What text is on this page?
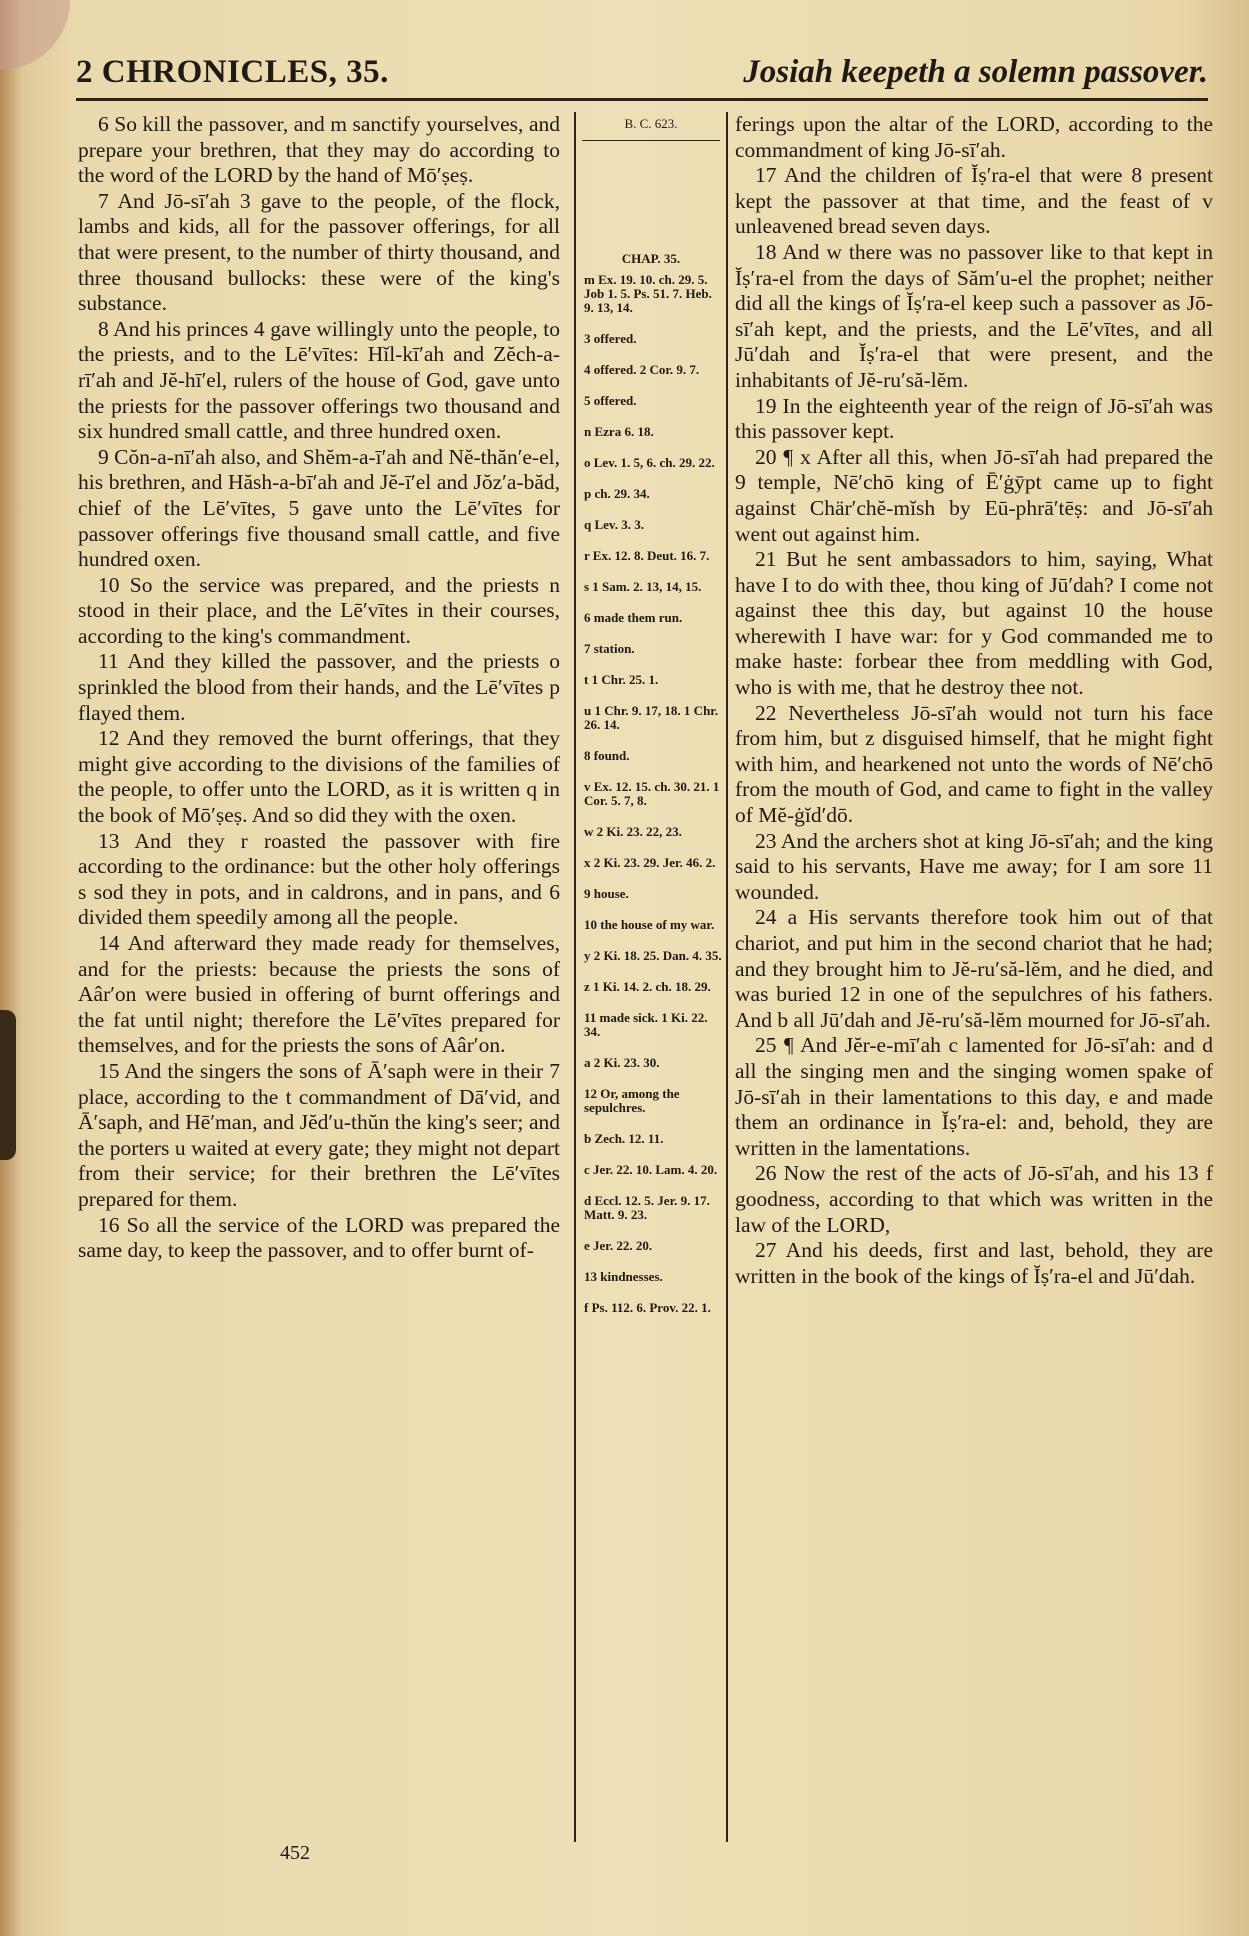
2 CHRONICLES, 35.	Josiah keepeth a solemn passover.

6 So kill the passover, and m sanctify yourselves, and prepare your brethren, that they may do according to the word of the LORD by the hand of Mō′ṣeṣ.

7 And Jō-sī′ah 3 gave to the people, of the flock, lambs and kids, all for the passover offerings, for all that were present, to the number of thirty thousand, and three thousand bullocks: these were of the king's substance.

8 And his princes 4 gave willingly unto the people, to the priests, and to the Lē′vītes: Hĭl-kī′ah and Zĕch-a-rī′ah and Jĕ-hī′el, rulers of the house of God, gave unto the priests for the passover offerings two thousand and six hundred small cattle, and three hundred oxen.

9 Cŏn-a-nī′ah also, and Shĕm-a-ī′ah and Nĕ-thăn′e-el, his brethren, and Hăsh-a-bī′ah and Jĕ-ī′el and Jŏz′a-băd, chief of the Lē′vītes, 5 gave unto the Lē′vītes for passover offerings five thousand small cattle, and five hundred oxen.

10 So the service was prepared, and the priests n stood in their place, and the Lē′vītes in their courses, according to the king's commandment.

11 And they killed the passover, and the priests o sprinkled the blood from their hands, and the Lē′vītes p flayed them.

12 And they removed the burnt offerings, that they might give according to the divisions of the families of the people, to offer unto the LORD, as it is written q in the book of Mō′ṣeṣ. And so did they with the oxen.

13 And they r roasted the passover with fire according to the ordinance: but the other holy offerings s sod they in pots, and in caldrons, and in pans, and 6 divided them speedily among all the people.

14 And afterward they made ready for themselves, and for the priests: because the priests the sons of Aâr′on were busied in offering of burnt offerings and the fat until night; therefore the Lē′vītes prepared for themselves, and for the priests the sons of Aâr′on.

15 And the singers the sons of Ā′saph were in their 7 place, according to the t commandment of Dā′vid, and Ā′saph, and Hē′man, and Jĕd′u-thŭn the king's seer; and the porters u waited at every gate; they might not depart from their service; for their brethren the Lē′vītes prepared for them.

16 So all the service of the LORD was prepared the same day, to keep the passover, and to offer burnt of-

B. C. 623.
CHAP. 35.
m Ex. 19. 10. ch. 29. 5. Job 1. 5. Ps. 51. 7. Heb. 9. 13, 14.
3 offered.
4 offered. 2 Cor. 9. 7.
5 offered.
n Ezra 6. 18.
o Lev. 1. 5, 6. ch. 29. 22.
p ch. 29. 34.
q Lev. 3. 3.
r Ex. 12. 8. Deut. 16. 7.
s 1 Sam. 2. 13, 14, 15.
6 made them run.
7 station.
t 1 Chr. 25. 1.
u 1 Chr. 9. 17, 18. 1 Chr. 26. 14.
8 found.
v Ex. 12. 15. ch. 30. 21. 1 Cor. 5. 7, 8.
w 2 Ki. 23. 22, 23.
x 2 Ki. 23. 29. Jer. 46. 2.
9 house.
10 the house of my war.
y 2 Ki. 18. 25. Dan. 4. 35.
z 1 Ki. 14. 2. ch. 18. 29.
11 made sick. 1 Ki. 22. 34.
a 2 Ki. 23. 30.
12 Or, among the sepulchres.
b Zech. 12. 11.
c Jer. 22. 10. Lam. 4. 20.
d Eccl. 12. 5. Jer. 9. 17. Matt. 9. 23.
e Jer. 22. 20.
13 kindnesses.
f Ps. 112. 6. Prov. 22. 1.

ferings upon the altar of the LORD, according to the commandment of king Jō-sī′ah.

17 And the children of Ĭṣ′ra-el that were 8 present kept the passover at that time, and the feast of v unleavened bread seven days.

18 And w there was no passover like to that kept in Ĭṣ′ra-el from the days of Săm′u-el the prophet; neither did all the kings of Ĭṣ′ra-el keep such a passover as Jō-sī′ah kept, and the priests, and the Lē′vītes, and all Jū′dah and Ĭṣ′ra-el that were present, and the inhabitants of Jĕ-ru′să-lĕm.

19 In the eighteenth year of the reign of Jō-sī′ah was this passover kept.

20 ¶ x After all this, when Jō-sī′ah had prepared the 9 temple, Nē′chō king of Ē′ġȳpt came up to fight against Chär′chĕ-mĭsh by Eū-phrā′tēṣ: and Jō-sī′ah went out against him.

21 But he sent ambassadors to him, saying, What have I to do with thee, thou king of Jū′dah? I come not against thee this day, but against 10 the house wherewith I have war: for y God commanded me to make haste: forbear thee from meddling with God, who is with me, that he destroy thee not.

22 Nevertheless Jō-sī′ah would not turn his face from him, but z disguised himself, that he might fight with him, and hearkened not unto the words of Nē′chō from the mouth of God, and came to fight in the valley of Mĕ-ġĭd′dō.

23 And the archers shot at king Jō-sī′ah; and the king said to his servants, Have me away; for I am sore 11 wounded.

24 a His servants therefore took him out of that chariot, and put him in the second chariot that he had; and they brought him to Jĕ-ru′să-lĕm, and he died, and was buried 12 in one of the sepulchres of his fathers. And b all Jū′dah and Jĕ-ru′să-lĕm mourned for Jō-sī′ah.

25 ¶ And Jĕr-e-mī′ah c lamented for Jō-sī′ah: and d all the singing men and the singing women spake of Jō-sī′ah in their lamentations to this day, e and made them an ordinance in Ĭṣ′ra-el: and, behold, they are written in the lamentations.

26 Now the rest of the acts of Jō-sī′ah, and his 13 f goodness, according to that which was written in the law of the LORD,

27 And his deeds, first and last, behold, they are written in the book of the kings of Ĭṣ′ra-el and Jū′dah.

452
